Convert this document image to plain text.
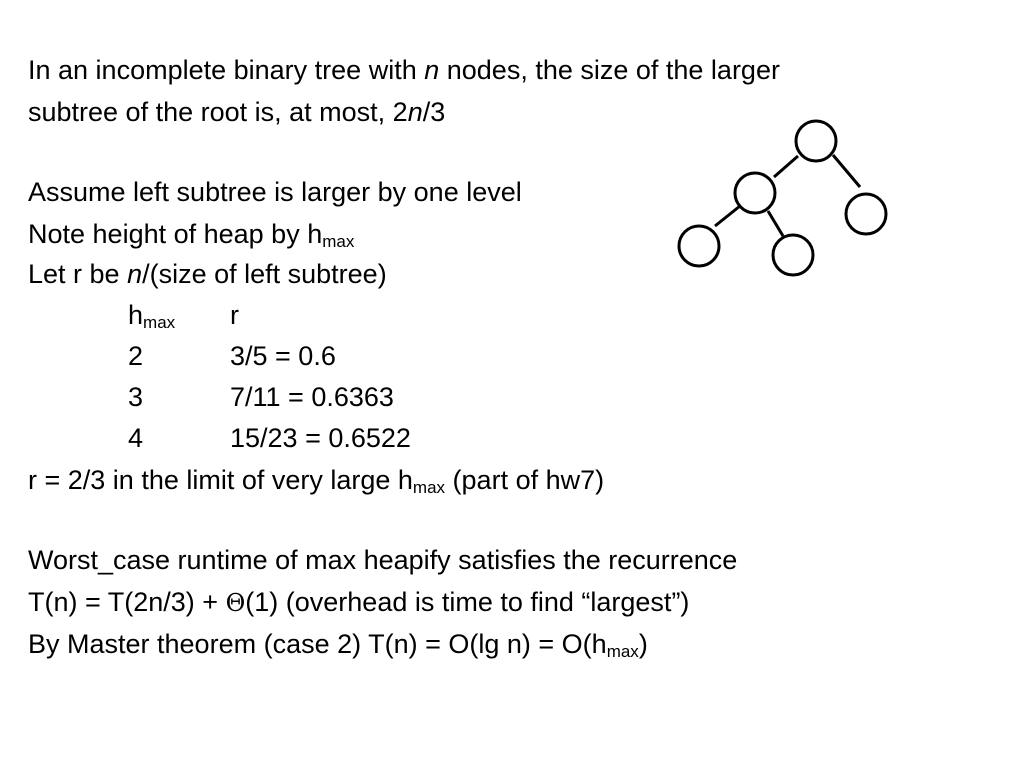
In an incomplete binary tree with n nodes, the size of the larger
subtree of the root is, at most, 2n/3
Assume left subtree is larger by one level
Note height of heap by $h_{max}$
Let r be n/(size of left subtree)
$h_{max}$ r
2	3/5 = 0.6
3	7/11 = 0.6363
4	15/23 = 0.6522
r = 2/3 in the limit of very large $h_{max}$ (part of hw7)
Worst_case runtime of max heapify satisfies the recurrence
T(n) = T(2n/3) + Θ(1) (overhead is time to find “largest”)
By Master theorem (case 2) T(n) = O(lg $n) = O(h_{max})$
